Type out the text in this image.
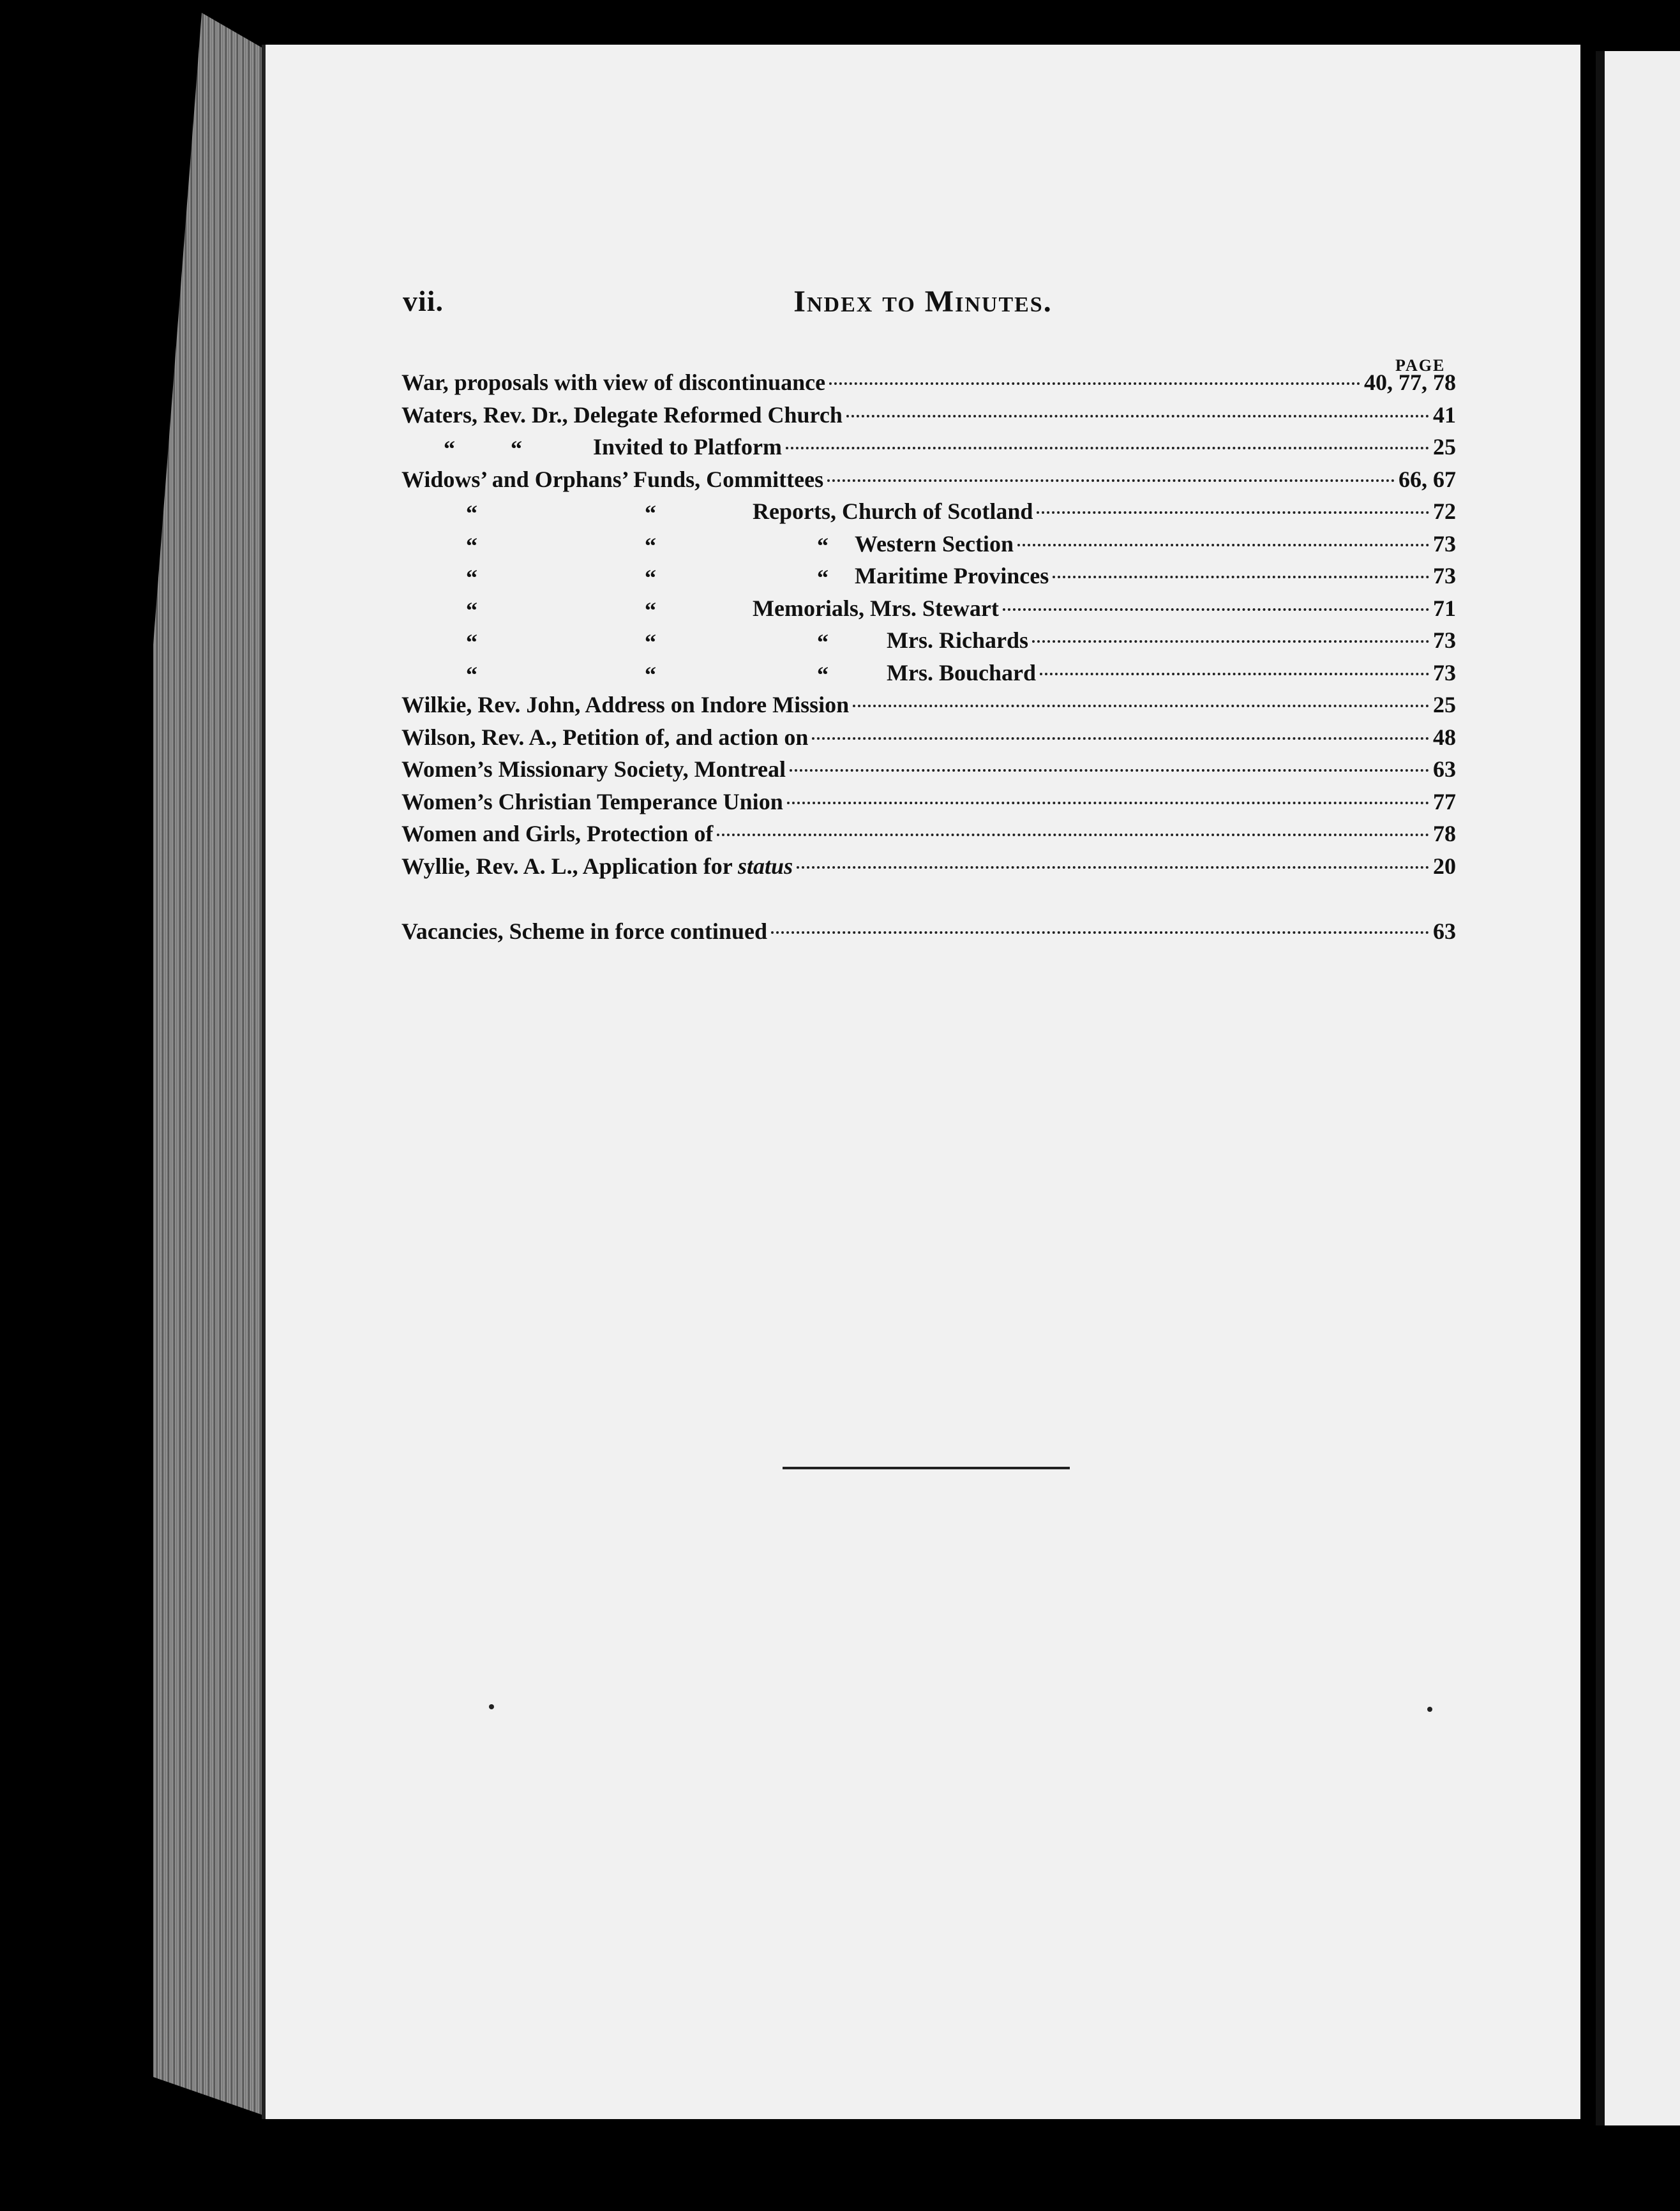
vii.	Index to Minutes.
PAGE
War, proposals with view of discontinuance	40, 77, 78
Waters, Rev. Dr., Delegate Reformed Church	41
“	“	Invited to Platform	25
Widows’ and Orphans’ Funds, Committees	66, 67
“	“	Reports, Church of Scotland	72
“	“	“	Western Section	73
“	“	“	Maritime Provinces	73
“	“	Memorials, Mrs. Stewart	71
“	“	“	Mrs. Richards	73
“	“	“	Mrs. Bouchard	73
Wilkie, Rev. John, Address on Indore Mission	25
Wilson, Rev. A., Petition of, and action on	48
Women’s Missionary Society, Montreal	63
Women’s Christian Temperance Union	77
Women and Girls, Protection of	78
Wyllie, Rev. A. L., Application for status	20
Vacancies, Scheme in force continued	63
